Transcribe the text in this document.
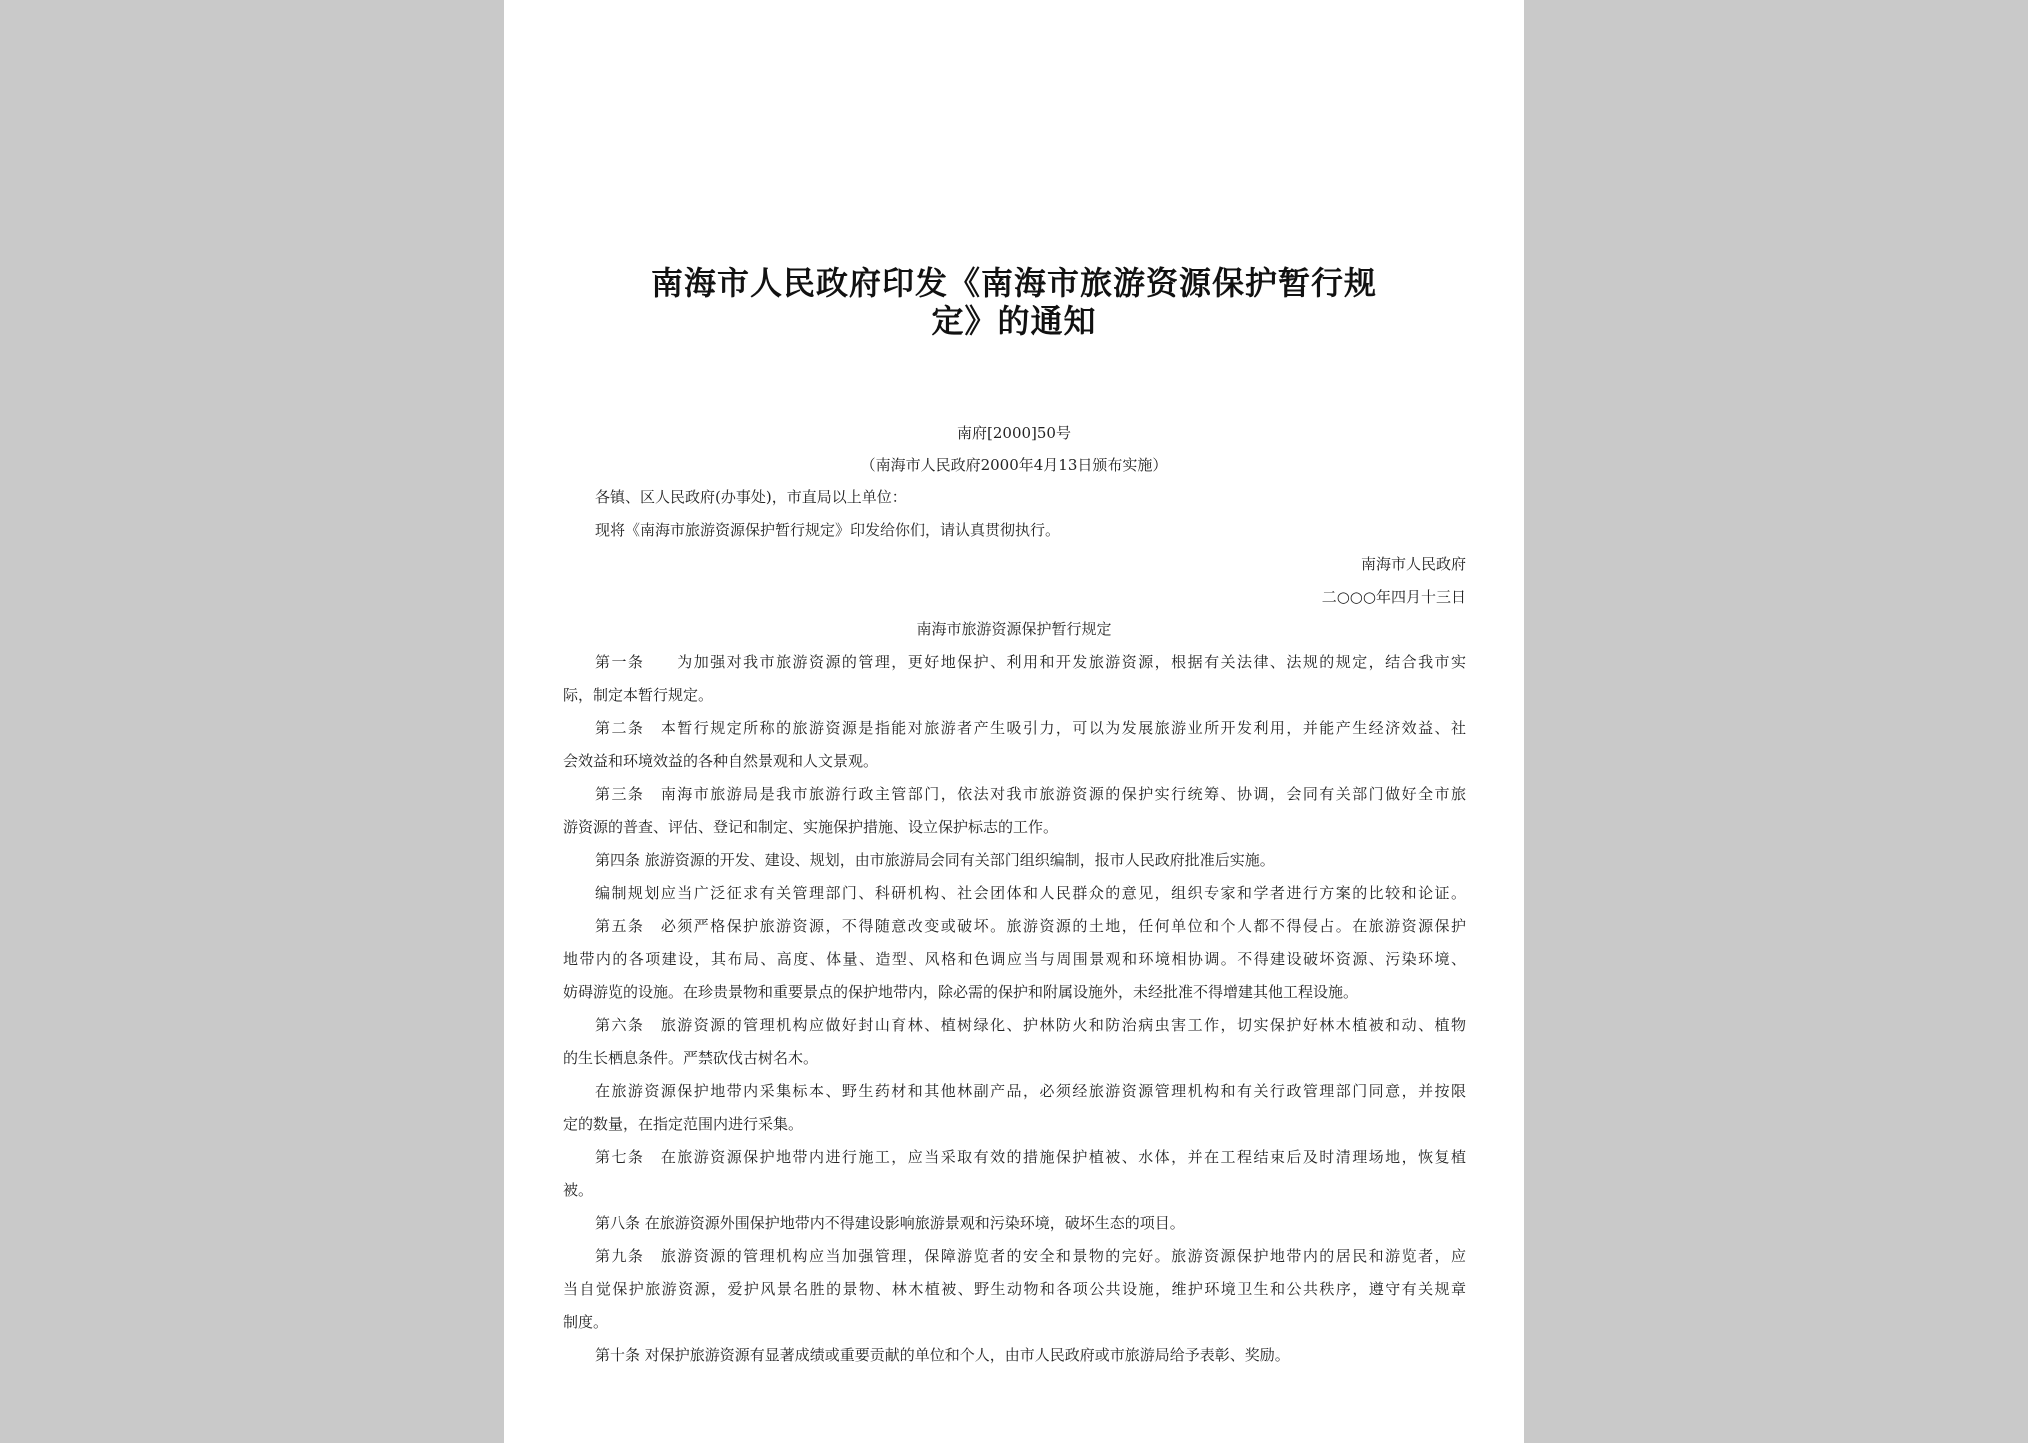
南海市人民政府印发《南海市旅游资源保护暂行规
定》的通知
南府[2000]50号
（南海市人民政府2000年4月13日颁布实施）
各镇、区人民政府(办事处)，市直局以上单位：
现将《南海市旅游资源保护暂行规定》印发给你们，请认真贯彻执行。
南海市人民政府
二○○○年四月十三日
南海市旅游资源保护暂行规定
第一条　　为加强对我市旅游资源的管理，更好地保护、利用和开发旅游资源，根据有关法律、法规的规定，结合我市实
际，制定本暂行规定。
第二条　本暂行规定所称的旅游资源是指能对旅游者产生吸引力，可以为发展旅游业所开发利用，并能产生经济效益、社
会效益和环境效益的各种自然景观和人文景观。
第三条　南海市旅游局是我市旅游行政主管部门，依法对我市旅游资源的保护实行统筹、协调，会同有关部门做好全市旅
游资源的普查、评估、登记和制定、实施保护措施、设立保护标志的工作。
第四条 旅游资源的开发、建设、规划，由市旅游局会同有关部门组织编制，报市人民政府批准后实施。
编制规划应当广泛征求有关管理部门、科研机构、社会团体和人民群众的意见，组织专家和学者进行方案的比较和论证。
第五条　必须严格保护旅游资源，不得随意改变或破坏。旅游资源的土地，任何单位和个人都不得侵占。在旅游资源保护
地带内的各项建设，其布局、高度、体量、造型、风格和色调应当与周围景观和环境相协调。不得建设破坏资源、污染环境、
妨碍游览的设施。在珍贵景物和重要景点的保护地带内，除必需的保护和附属设施外，未经批准不得增建其他工程设施。
第六条　旅游资源的管理机构应做好封山育林、植树绿化、护林防火和防治病虫害工作，切实保护好林木植被和动、植物
的生长栖息条件。严禁砍伐古树名木。
在旅游资源保护地带内采集标本、野生药材和其他林副产品，必须经旅游资源管理机构和有关行政管理部门同意，并按限
定的数量，在指定范围内进行采集。
第七条　在旅游资源保护地带内进行施工，应当采取有效的措施保护植被、水体，并在工程结束后及时清理场地，恢复植
被。
第八条 在旅游资源外围保护地带内不得建设影响旅游景观和污染环境，破坏生态的项目。
第九条　旅游资源的管理机构应当加强管理，保障游览者的安全和景物的完好。旅游资源保护地带内的居民和游览者，应
当自觉保护旅游资源，爱护风景名胜的景物、林木植被、野生动物和各项公共设施，维护环境卫生和公共秩序，遵守有关规章
制度。
第十条 对保护旅游资源有显著成绩或重要贡献的单位和个人，由市人民政府或市旅游局给予表彰、奖励。
